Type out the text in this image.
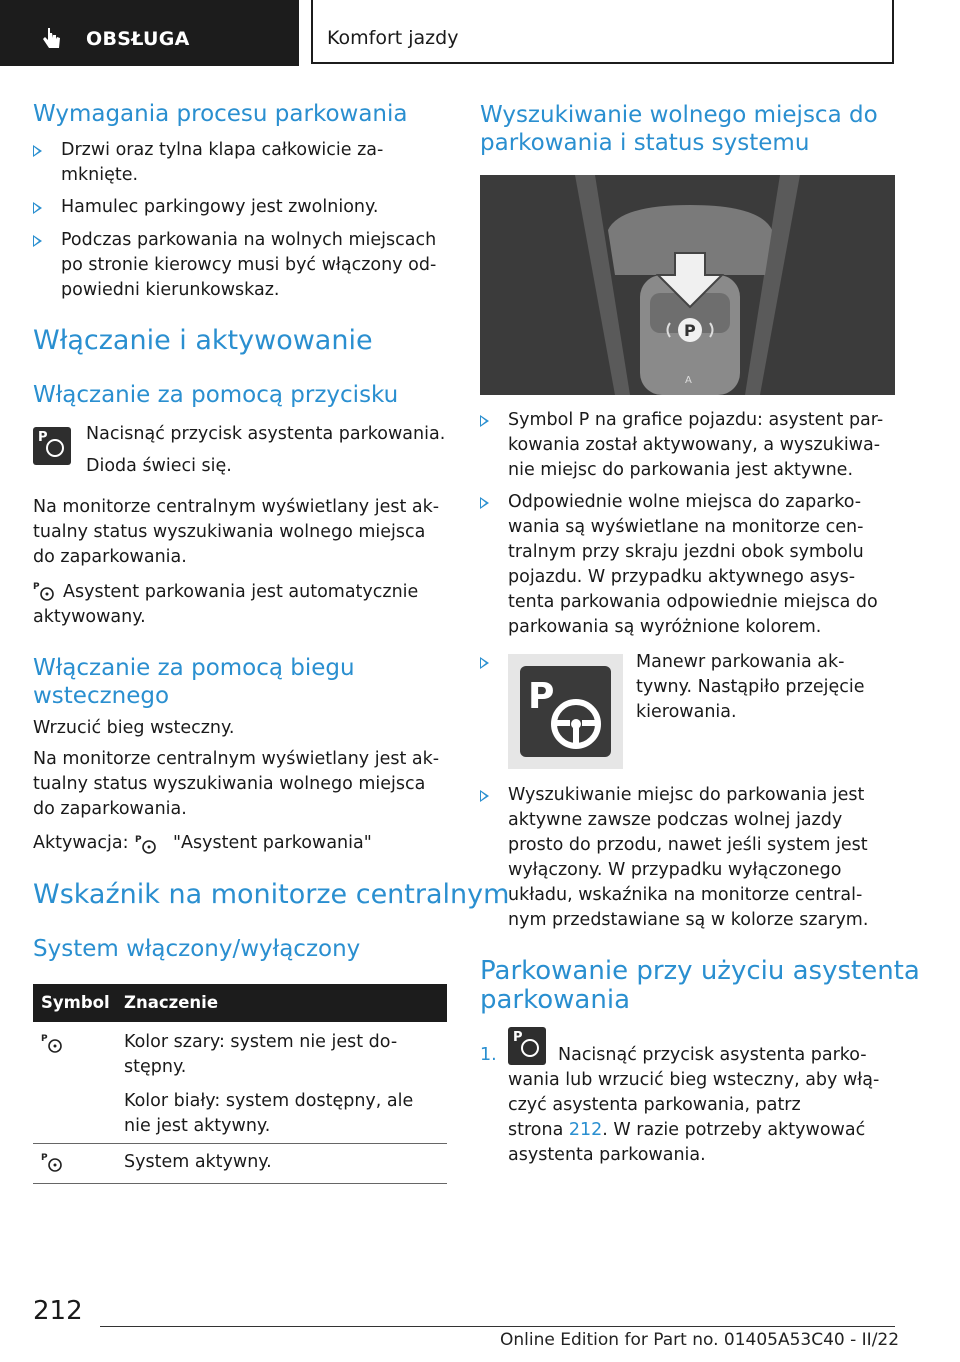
OBSŁUGA	Komfort jazdy
Wymagania procesu parkowania
Drzwi oraz tylna klapa całkowicie za-
mknięte.
Hamulec parkingowy jest zwolniony.
Podczas parkowania na wolnych miejscach
po stronie kierowcy musi być włączony od-
powiedni kierunkowskaz.
Włączanie i aktywowanie
Włączanie za pomocą przycisku
P

Nacisnąć przycisk asystenta parkowania.

Dioda świeci się.

Na monitorze centralnym wyświetlany jest ak-
tualny status wyszukiwania wolnego miejsca
do zaparkowania.
P	Asystent parkowania jest automatycznie
aktywowany.
Włączanie za pomocą biegu
wstecznego

Wrzucić bieg wsteczny.

Na monitorze centralnym wyświetlany jest ak-
tualny status wyszukiwania wolnego miejsca
do zaparkowania.

Aktywacja: P "Asystent parkowania"

Wskaźnik na monitorze centralnym
System włączony/wyłączony
Symbol Znaczenie
P	Kolor szary: system nie jest do-
stępny.
Kolor biały: system dostępny, ale
nie jest aktywny.
P	System aktywny.

Wyszukiwanie wolnego miejsca do
parkowania i status systemu
P
A
Symbol P na grafice pojazdu: asystent par-
kowania został aktywowany, a wyszukiwa-
nie miejsc do parkowania jest aktywne.
Odpowiednie wolne miejsca do zaparko-
wania są wyświetlane na monitorze cen-
tralnym przy skraju jezdni obok symbolu
pojazdu. W przypadku aktywnego asys-
tenta parkowania odpowiednie miejsca do
parkowania są wyróżnione kolorem.
P
Manewr parkowania ak-
tywny. Nastąpiło przejęcie
kierowania.
Wyszukiwanie miejsc do parkowania jest
aktywne zawsze podczas wolnej jazdy
prosto do przodu, nawet jeśli system jest
wyłączony. W przypadku wyłączonego
układu, wskaźnika na monitorze central-
nym przedstawiane są w kolorze szarym.
Parkowanie przy użyciu asystenta
parkowania
1.
P	Nacisnąć przycisk asystenta parko-
wania lub wrzucić bieg wsteczny, aby włą-
czyć asystenta parkowania, patrz
strona 212. W razie potrzeby aktywować
asystenta parkowania.
212
Online Edition for Part no. 01405A53C40 - II/22
